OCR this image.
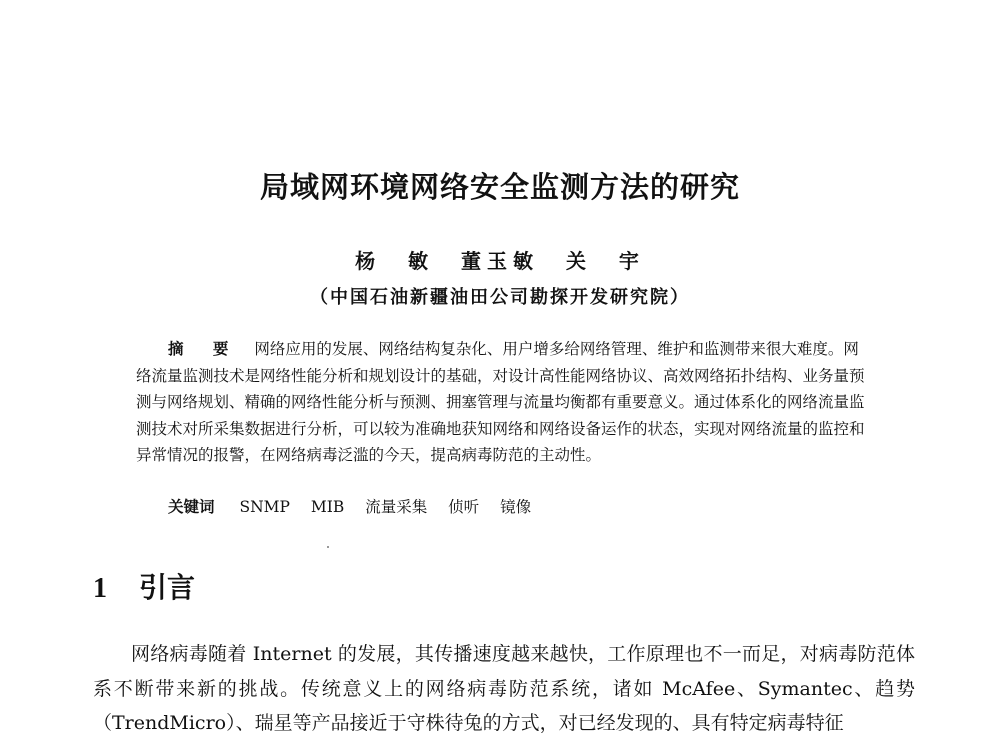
局域网环境网络安全监测方法的研究
杨 敏 董玉敏 关 宇
（中国石油新疆油田公司勘探开发研究院）

摘 要 网络应用的发展、网络结构复杂化、用户增多给网络管理、维护和监测带来很大难度。网络流量监测技术是网络性能分析和规划设计的基础，对设计高性能网络协议、高效网络拓扑结构、业务量预测与网络规划、精确的网络性能分析与预测、拥塞管理与流量均衡都有重要意义。通过体系化的网络流量监测技术对所采集数据进行分析，可以较为准确地获知网络和网络设备运作的状态，实现对网络流量的监控和异常情况的报警，在网络病毒泛滥的今天，提高病毒防范的主动性。

关键词 SNMP MIB 流量采集 侦听 镜像
1 引言

网络病毒随着 Internet 的发展，其传播速度越来越快，工作原理也不一而足，对病毒防范体系不断带来新的挑战。传统意义上的网络病毒防范系统，诸如 McAfee、Symantec、趋势（TrendMicro）、瑞星等产品接近于守株待兔的方式，对已经发现的、具有特定病毒特征
